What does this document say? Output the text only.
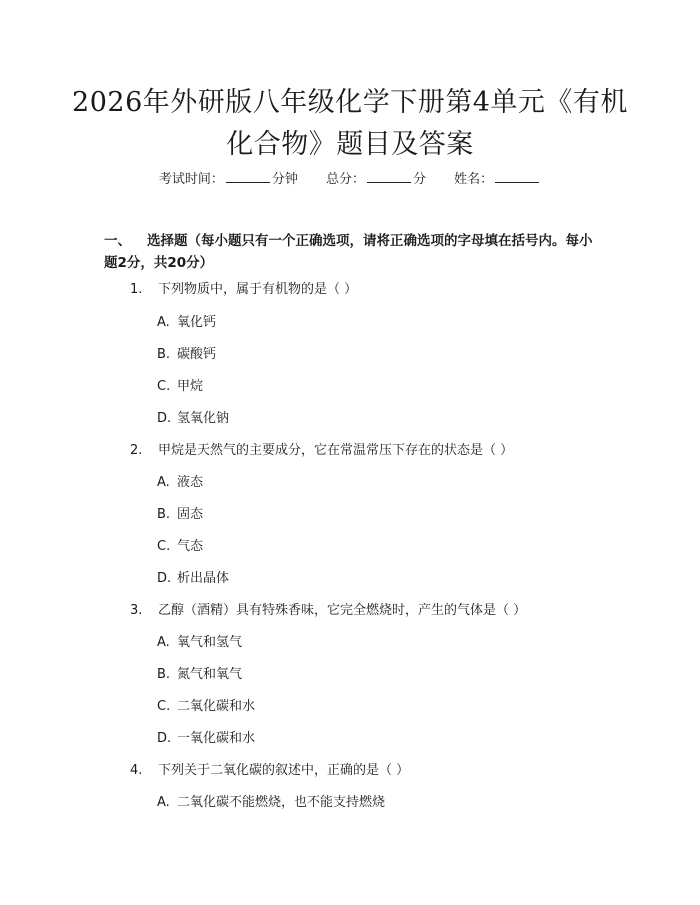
2026年外研版八年级化学下册第4单元《有机化合物》题目及答案
考试时间：	分钟 总分：	分 姓名：
一、 选择题（每小题只有一个正确选项，请将正确选项的字母填在括号内。每小题2分，共20分）
1. 下列物质中，属于有机物的是（ ）
A. 氧化钙
B. 碳酸钙
C. 甲烷
D. 氢氧化钠
2. 甲烷是天然气的主要成分，它在常温常压下存在的状态是（ ）
A. 液态
B. 固态
C. 气态
D. 析出晶体
3. 乙醇（酒精）具有特殊香味，它完全燃烧时，产生的气体是（ ）
A. 氧气和氢气
B. 氮气和氧气
C. 二氧化碳和水
D. 一氧化碳和水
4. 下列关于二氧化碳的叙述中，正确的是（ ）
A. 二氧化碳不能燃烧，也不能支持燃烧
